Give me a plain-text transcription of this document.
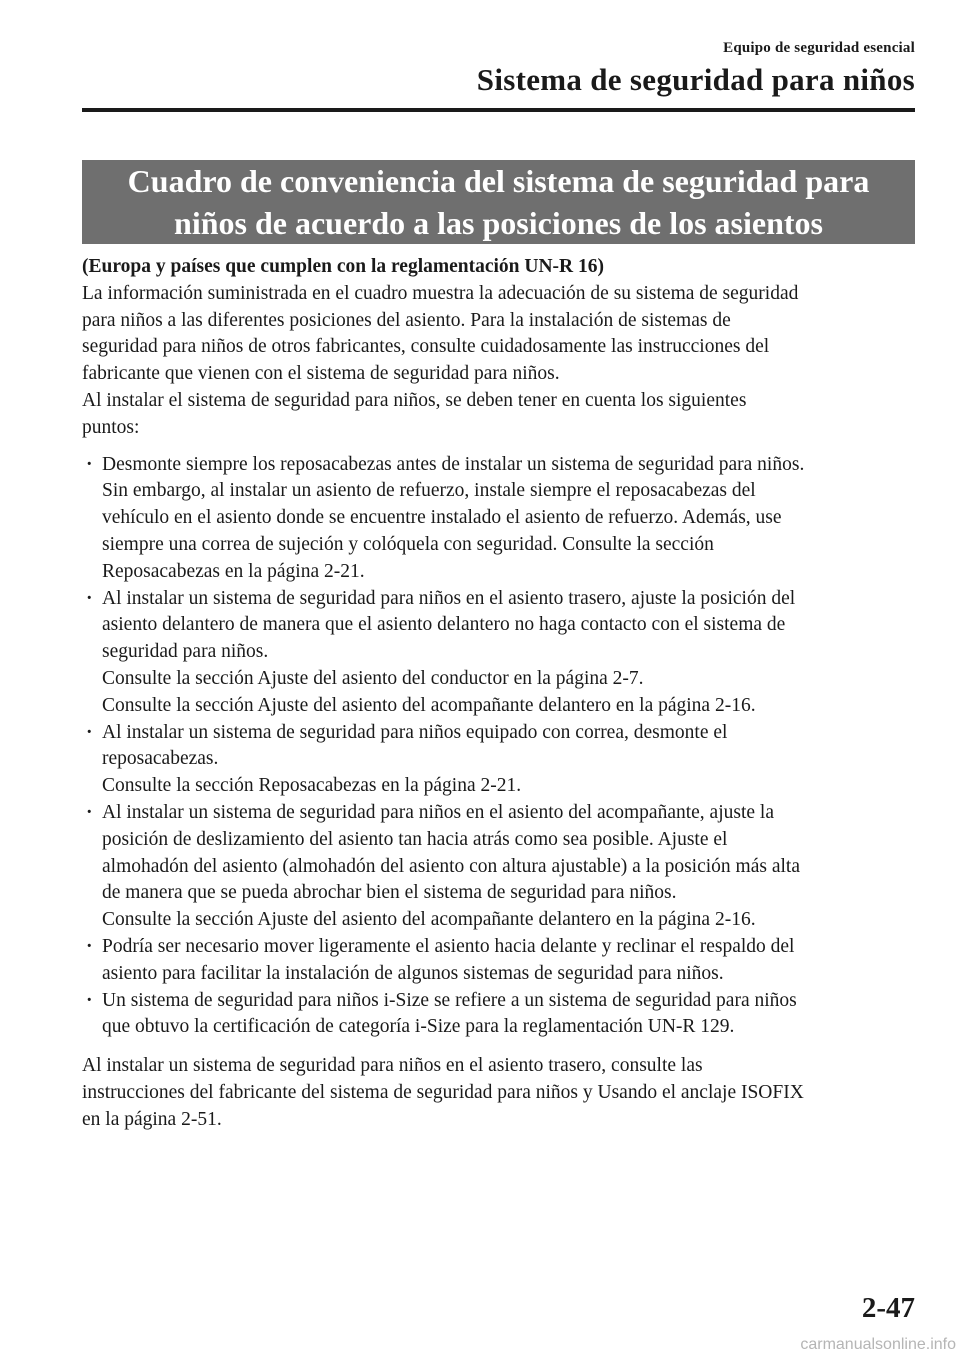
Equipo de seguridad esencial
Sistema de seguridad para niños
Cuadro de conveniencia del sistema de seguridad para
niños de acuerdo a las posiciones de los asientos

(Europa y países que cumplen con la reglamentación UN-R 16)

La información suministrada en el cuadro muestra la adecuación de su sistema de seguridad

para niños a las diferentes posiciones del asiento. Para la instalación de sistemas de

seguridad para niños de otros fabricantes, consulte cuidadosamente las instrucciones del

fabricante que vienen con el sistema de seguridad para niños.

Al instalar el sistema de seguridad para niños, se deben tener en cuenta los siguientes

puntos:

· Desmonte siempre los reposacabezas antes de instalar un sistema de seguridad para niños.
Sin embargo, al instalar un asiento de refuerzo, instale siempre el reposacabezas del
vehículo en el asiento donde se encuentre instalado el asiento de refuerzo. Además, use
siempre una correa de sujeción y colóquela con seguridad. Consulte la sección
Reposacabezas en la página 2-21.
· Al instalar un sistema de seguridad para niños en el asiento trasero, ajuste la posición del
asiento delantero de manera que el asiento delantero no haga contacto con el sistema de
seguridad para niños.
Consulte la sección Ajuste del asiento del conductor en la página 2-7.
Consulte la sección Ajuste del asiento del acompañante delantero en la página 2-16.
· Al instalar un sistema de seguridad para niños equipado con correa, desmonte el
reposacabezas.
Consulte la sección Reposacabezas en la página 2-21.
· Al instalar un sistema de seguridad para niños en el asiento del acompañante, ajuste la
posición de deslizamiento del asiento tan hacia atrás como sea posible. Ajuste el
almohadón del asiento (almohadón del asiento con altura ajustable) a la posición más alta
de manera que se pueda abrochar bien el sistema de seguridad para niños.
Consulte la sección Ajuste del asiento del acompañante delantero en la página 2-16.
· Podría ser necesario mover ligeramente el asiento hacia delante y reclinar el respaldo del
asiento para facilitar la instalación de algunos sistemas de seguridad para niños.
· Un sistema de seguridad para niños i-Size se refiere a un sistema de seguridad para niños
que obtuvo la certificación de categoría i-Size para la reglamentación UN-R 129.

Al instalar un sistema de seguridad para niños en el asiento trasero, consulte las

instrucciones del fabricante del sistema de seguridad para niños y Usando el anclaje ISOFIX

en la página 2-51.

2-47
carmanualsonline.info
